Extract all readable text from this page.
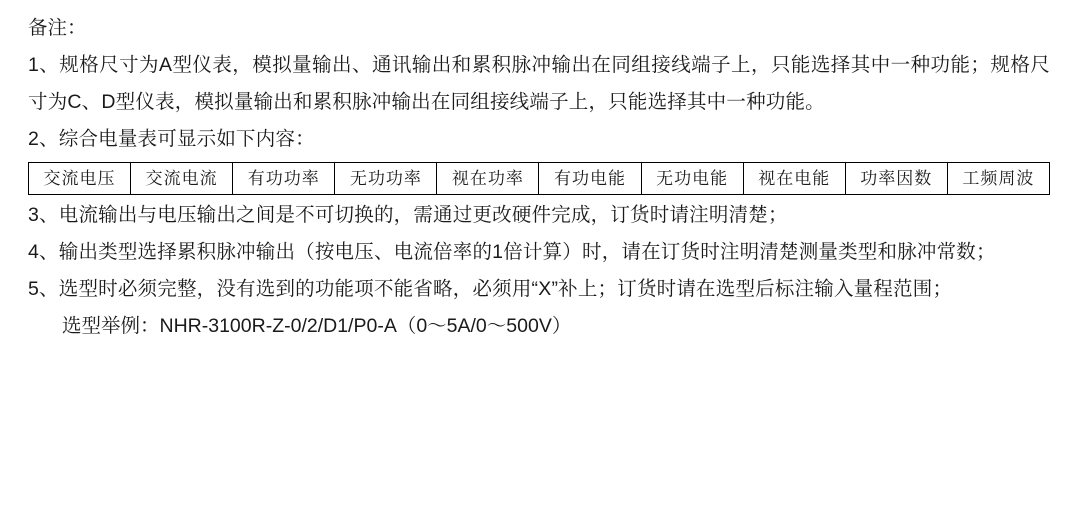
备注：

1、规格尺寸为A型仪表，模拟量输出、通讯输出和累积脉冲输出在同组接线端子上，只能选择其中一种功能；规格尺寸为C、D型仪表，模拟量输出和累积脉冲输出在同组接线端子上，只能选择其中一种功能。

2、综合电量表可显示如下内容：

交流电压	交流电流	有功功率	无功功率	视在功率	有功电能	无功电能	视在电能	功率因数	工频周波

3、电流输出与电压输出之间是不可切换的，需通过更改硬件完成，订货时请注明清楚；

4、输出类型选择累积脉冲输出（按电压、电流倍率的1倍计算）时，请在订货时注明清楚测量类型和脉冲常数；

5、选型时必须完整，没有选到的功能项不能省略，必须用“X”补上；订货时请在选型后标注输入量程范围；

选型举例：NHR-3100R-Z-0/2/D1/P0-A（0～5A/0～500V）
